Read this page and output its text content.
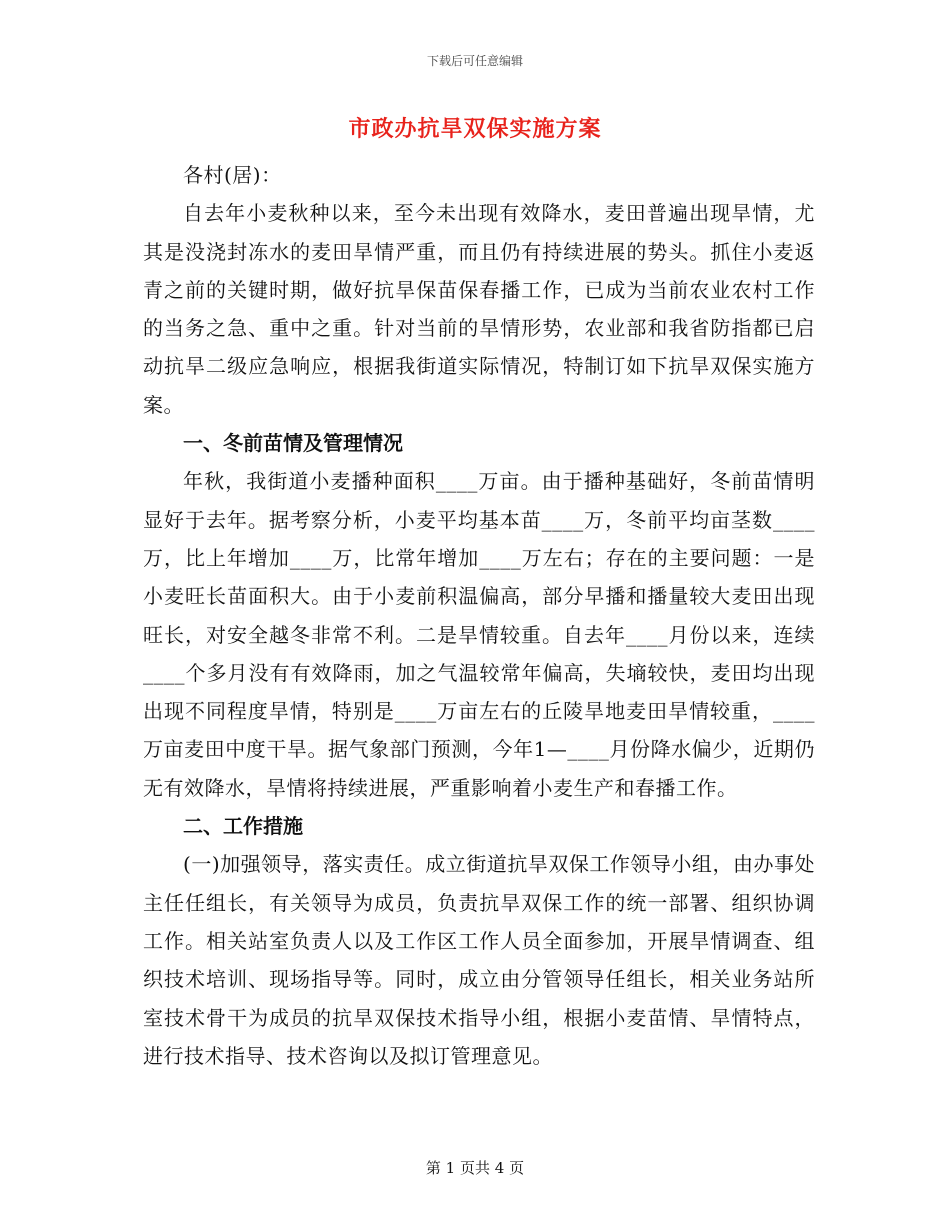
下载后可任意编辑
市政办抗旱双保实施方案

各村(居)：

自去年小麦秋种以来，至今未出现有效降水，麦田普遍出现旱情，尤其是没浇封冻水的麦田旱情严重，而且仍有持续进展的势头。抓住小麦返青之前的关键时期，做好抗旱保苗保春播工作，已成为当前农业农村工作的当务之急、重中之重。针对当前的旱情形势，农业部和我省防指都已启动抗旱二级应急响应，根据我街道实际情况，特制订如下抗旱双保实施方案。

一、冬前苗情及管理情况

年秋，我街道小麦播种面积____万亩。由于播种基础好，冬前苗情明显好于去年。据考察分析，小麦平均基本苗____万，冬前平均亩茎数____万，比上年增加____万，比常年增加____万左右；存在的主要问题：一是小麦旺长苗面积大。由于小麦前积温偏高，部分早播和播量较大麦田出现旺长，对安全越冬非常不利。二是旱情较重。自去年____月份以来，连续____个多月没有有效降雨，加之气温较常年偏高，失墒较快，麦田均出现出现不同程度旱情，特别是____万亩左右的丘陵旱地麦田旱情较重，____万亩麦田中度干旱。据气象部门预测，今年1—____月份降水偏少，近期仍无有效降水，旱情将持续进展，严重影响着小麦生产和春播工作。

二、工作措施

(一)加强领导，落实责任。成立街道抗旱双保工作领导小组，由办事处主任任组长，有关领导为成员，负责抗旱双保工作的统一部署、组织协调工作。相关站室负责人以及工作区工作人员全面参加，开展旱情调查、组织技术培训、现场指导等。同时，成立由分管领导任组长，相关业务站所室技术骨干为成员的抗旱双保技术指导小组，根据小麦苗情、旱情特点，进行技术指导、技术咨询以及拟订管理意见。

第 1 页共 4 页
